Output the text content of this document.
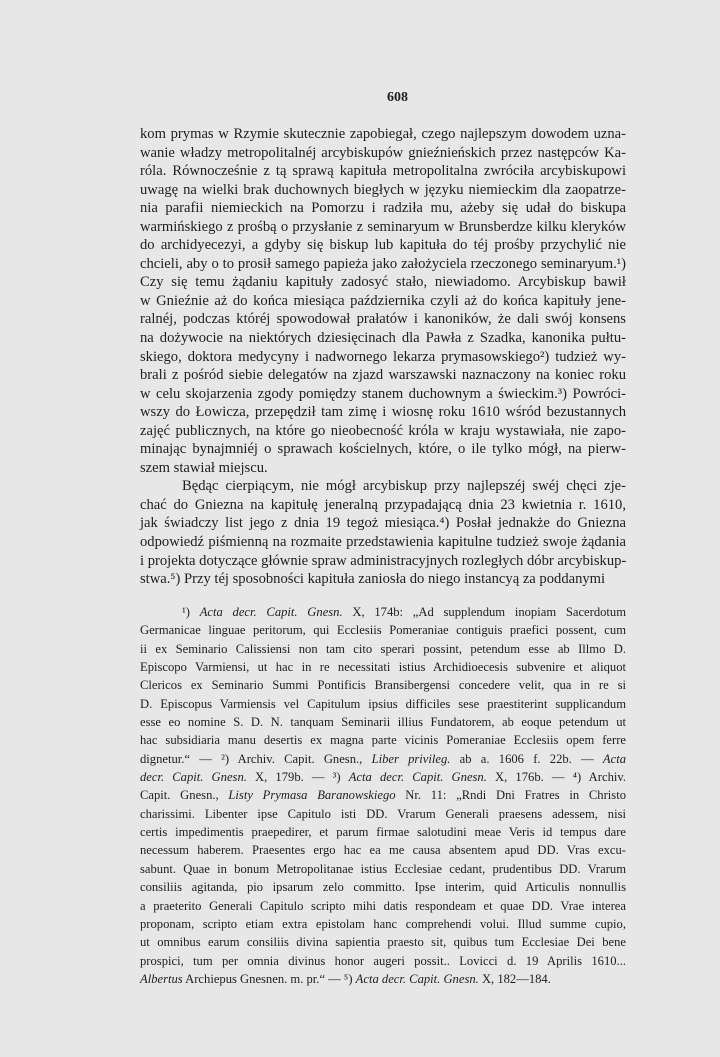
608
kom prymas w Rzymie skutecznie zapobiegał, czego najlepszym dowodem uzna-
wanie władzy metropolitalnéj arcybiskupów gnieźnieńskich przez następców Ka-
róla. Równocześnie z tą sprawą kapituła metropolitalna zwróciła arcybiskupowi
uwagę na wielki brak duchownych biegłych w języku niemieckim dla zaopatrze-
nia parafii niemieckich na Pomorzu i radziła mu, ażeby się udał do biskupa
warmińskiego z prośbą o przysłanie z seminaryum w Brunsberdze kilku kleryków
do archidyecezyi, a gdyby się biskup lub kapituła do téj prośby przychylić nie
chcieli, aby o to prosił samego papieża jako założyciela rzeczonego seminaryum.¹)
Czy się temu żądaniu kapituły zadosyć stało, niewiadomo. Arcybiskup bawił
w Gnieźnie aż do końca miesiąca października czyli aż do końca kapituły jene-
ralnéj, podczas któréj spowodował prałatów i kanoników, że dali swój konsens
na dożywocie na niektórych dziesięcinach dla Pawła z Szadka, kanonika pułtu-
skiego, doktora medycyny i nadwornego lekarza prymasowskiego²) tudzież wy-
brali z pośród siebie delegatów na zjazd warszawski naznaczony na koniec roku
w celu skojarzenia zgody pomiędzy stanem duchownym a świeckim.³) Powróci-
wszy do Łowicza, przepędził tam zimę i wiosnę roku 1610 wśród bezustannych
zajęć publicznych, na które go nieobecność króla w kraju wystawiała, nie zapo-
minając bynajmniéj o sprawach kościelnych, które, o ile tylko mógł, na pierw-
szem stawiał miejscu.
Będąc cierpiącym, nie mógł arcybiskup przy najlepszéj swéj chęci zje-
chać do Gniezna na kapitułę jeneralną przypadającą dnia 23 kwietnia r. 1610,
jak świadczy list jego z dnia 19 tegoż miesiąca.⁴) Posłał jednakże do Gniezna
odpowiedź piśmienną na rozmaite przedstawienia kapitulne tudzież swoje żądania
i projekta dotyczące głównie spraw administracyjnych rozległych dóbr arcybiskup-
stwa.⁵) Przy téj sposobności kapituła zaniosła do niego instancyą za poddanymi
¹) Acta decr. Capit. Gnesn. X, 174b: „Ad supplendum inopiam Sacerdotum
Germanicae linguae peritorum, qui Ecclesiis Pomeraniae contiguis praefici possent, cum
ii ex Seminario Calissiensi non tam cito sperari possint, petendum esse ab Illmo D.
Episcopo Varmiensi, ut hac in re necessitati istius Archidioecesis subvenire et aliquot
Clericos ex Seminario Summi Pontificis Bransibergensi concedere velit, qua in re si
D. Episcopus Varmiensis vel Capitulum ipsius difficiles sese praestiterint supplicandum
esse eo nomine S. D. N. tanquam Seminarii illius Fundatorem, ab eoque petendum ut
hac subsidiaria manu desertis ex magna parte vicinis Pomeraniae Ecclesiis opem ferre
dignetur.“ — ²) Archiv. Capit. Gnesn., Liber privileg. ab a. 1606 f. 22b. — Acta
decr. Capit. Gnesn. X, 179b. — ³) Acta decr. Capit. Gnesn. X, 176b. — ⁴) Archiv.
Capit. Gnesn., Listy Prymasa Baranowskiego Nr. 11: „Rndi Dni Fratres in Christo
charissimi. Libenter ipse Capitulo isti DD. Vrarum Generali praesens adessem, nisi
certis impedimentis praepedirer, et parum firmae salotudini meae Veris id tempus dare
necessum haberem. Praesentes ergo hac ea me causa absentem apud DD. Vras excu-
sabunt. Quae in bonum Metropolitanae istius Ecclesiae cedant, prudentibus DD. Vrarum
consiliis agitanda, pio ipsarum zelo committo. Ipse interim, quid Articulis nonnullis
a praeterito Generali Capitulo scripto mihi datis respondeam et quae DD. Vrae interea
proponam, scripto etiam extra epistolam hanc comprehendi volui. Illud summe cupio,
ut omnibus earum consiliis divina sapientia praesto sit, quibus tum Ecclesiae Dei bene
prospici, tum per omnia divinus honor augeri possit.. Lovicci d. 19 Aprilis 1610...
Albertus Archiepus Gnesnen. m. pr.“ — ⁵) Acta decr. Capit. Gnesn. X, 182—184.
